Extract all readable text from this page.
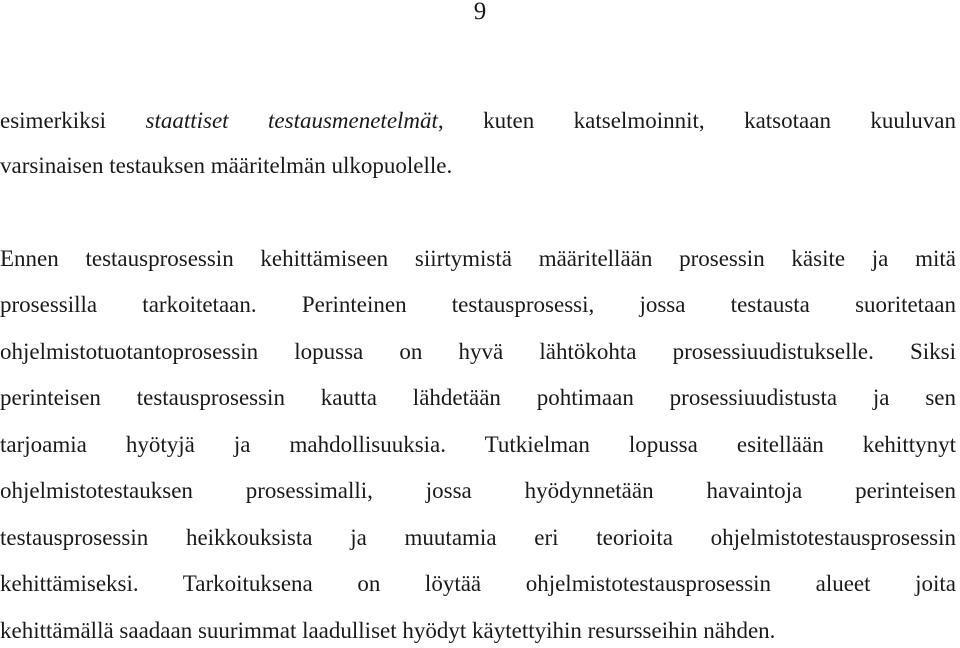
9
esimerkiksi staattiset testausmenetelmät, kuten katselmoinnit, katsotaan kuuluvan
varsinaisen testauksen määritelmän ulkopuolelle.
Ennen testausprosessin kehittämiseen siirtymistä määritellään prosessin käsite ja mitä
prosessilla tarkoitetaan. Perinteinen testausprosessi, jossa testausta suoritetaan
ohjelmistotuotantoprosessin lopussa on hyvä lähtökohta prosessiuudistukselle. Siksi
perinteisen testausprosessin kautta lähdetään pohtimaan prosessiuudistusta ja sen
tarjoamia hyötyjä ja mahdollisuuksia. Tutkielman lopussa esitellään kehittynyt
ohjelmistotestauksen prosessimalli, jossa hyödynnetään havaintoja perinteisen
testausprosessin heikkouksista ja muutamia eri teorioita ohjelmistotestausprosessin
kehittämiseksi. Tarkoituksena on löytää ohjelmistotestausprosessin alueet joita
kehittämällä saadaan suurimmat laadulliset hyödyt käytettyihin resursseihin nähden.
